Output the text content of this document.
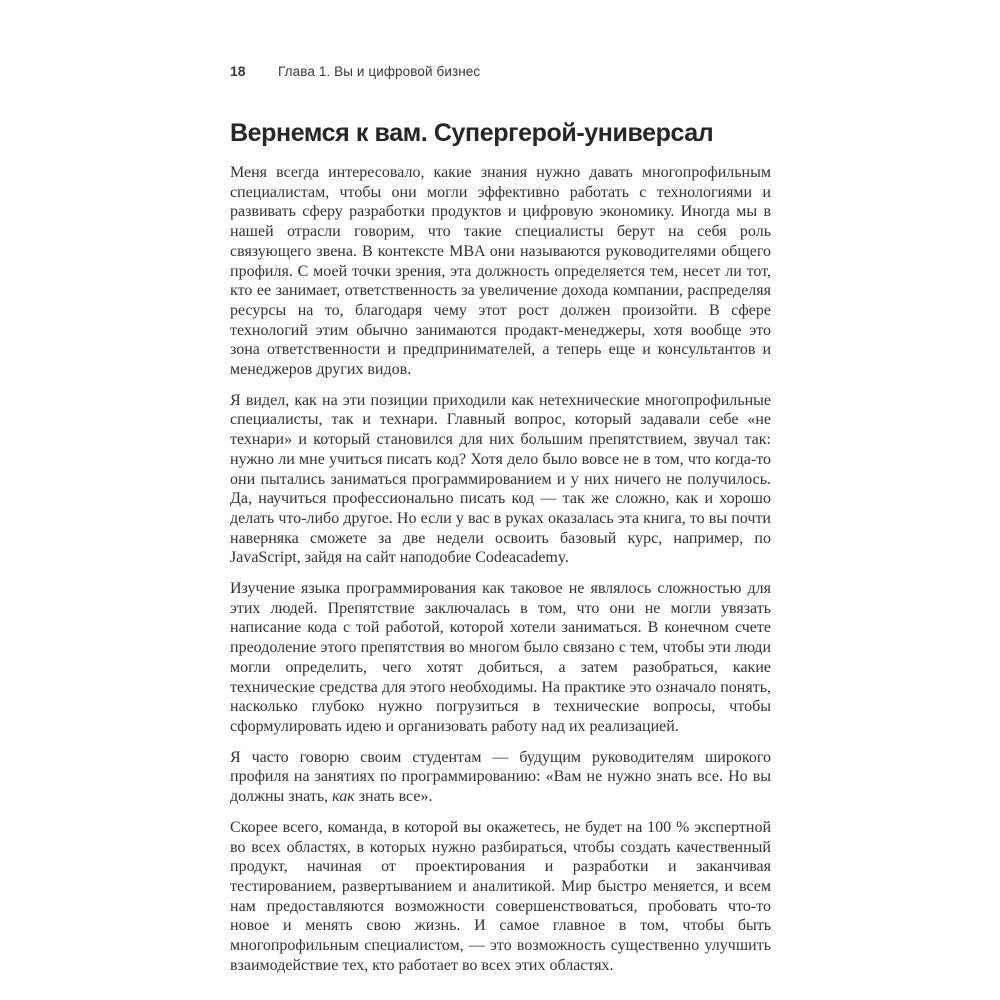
18	Глава 1. Вы и цифровой бизнес
Вернемся к вам. Супергерой-универсал

Меня всегда интересовало, какие знания нужно давать многопрофильным специалистам, чтобы они могли эффективно работать с технологиями и развивать сферу разработки продуктов и цифровую экономику. Иногда мы в нашей отрасли говорим, что такие специалисты берут на себя роль связующего звена. В контексте MBA они называются руководителями общего профиля. С моей точки зрения, эта должность определяется тем, несет ли тот, кто ее занимает, ответственность за увеличение дохода компании, распределяя ресурсы на то, благодаря чему этот рост должен произойти. В сфере технологий этим обычно занимаются продакт-менеджеры, хотя вообще это зона ответственности и предпринимателей, а теперь еще и консультантов и менеджеров других видов.

Я видел, как на эти позиции приходили как нетехнические многопрофильные специалисты, так и технари. Главный вопрос, который задавали себе «не технари» и который становился для них большим препятствием, звучал так: нужно ли мне учиться писать код? Хотя дело было вовсе не в том, что когда-то они пытались заниматься программированием и у них ничего не получилось. Да, научиться профессионально писать код — так же сложно, как и хорошо делать что-либо другое. Но если у вас в руках оказалась эта книга, то вы почти наверняка сможете за две недели освоить базовый курс, например, по JavaScript, зайдя на сайт наподобие Codeacademy.

Изучение языка программирования как таковое не являлось сложностью для этих людей. Препятствие заключалась в том, что они не могли увязать написание кода с той работой, которой хотели заниматься. В конечном счете преодоление этого препятствия во многом было связано с тем, чтобы эти люди могли определить, чего хотят добиться, а затем разобраться, какие технические средства для этого необходимы. На практике это означало понять, насколько глубоко нужно погрузиться в технические вопросы, чтобы сформулировать идею и организовать работу над их реализацией.

Я часто говорю своим студентам — будущим руководителям широкого профиля на занятиях по программированию: «Вам не нужно знать все. Но вы должны знать, как знать все».

Скорее всего, команда, в которой вы окажетесь, не будет на 100 % экспертной во всех областях, в которых нужно разбираться, чтобы создать качественный продукт, начиная от проектирования и разработки и заканчивая тестированием, развертыванием и аналитикой. Мир быстро меняется, и всем нам предоставляются возможности совершенствоваться, пробовать что-то новое и менять свою жизнь. И самое главное в том, чтобы быть многопрофильным специалистом, — это возможность существенно улучшить взаимодействие тех, кто работает во всех этих областях.
